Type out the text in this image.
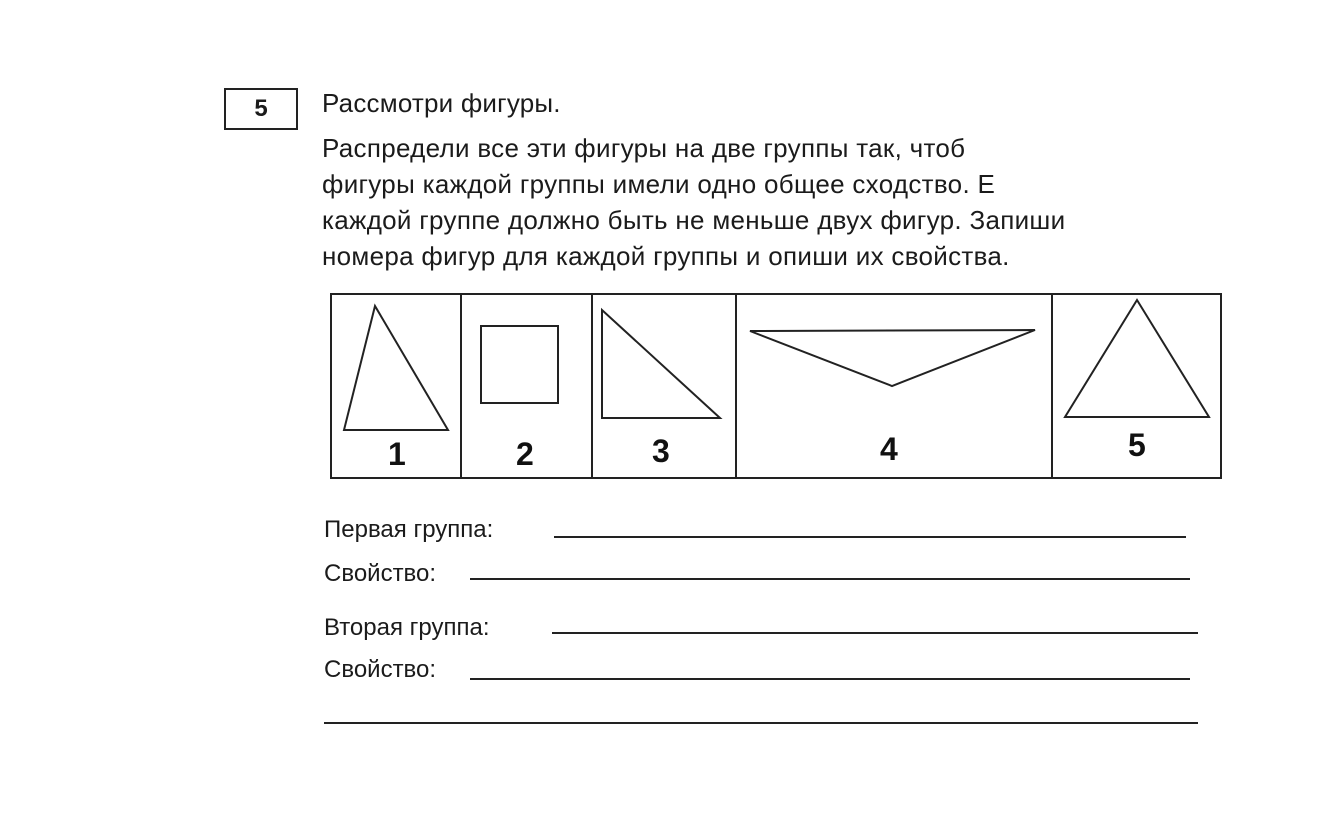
5 Рассмотри фигуры.
Распредели все эти фигуры на две группы так, чтоб
фигуры каждой группы имели одно общее сходство. Е
каждой группе должно быть не меньше двух фигур. Запиши
номера фигур для каждой группы и опиши их свойства.
1	2	3	4	5
Первая группа:
Свойство:
Вторая группа:
Свойство:
